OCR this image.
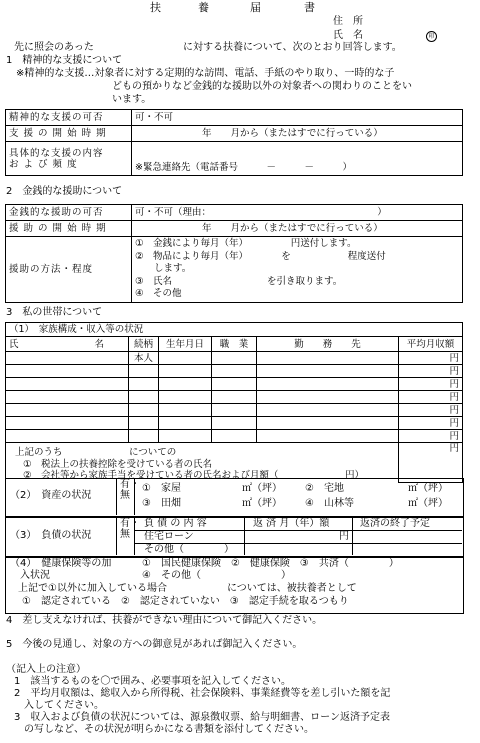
扶	養	届	書
住　所
氏　名	印
先に照会のあった	に対する扶養について、次のとおり回答します。
1　精神的な支援について
※精神的な支援…対象者に対する定期的な訪問、電話、手紙のやり取り、一時的な子
どもの預かりなど金銭的な援助以外の対象者への関わりのことをい
います。
精神的な支援の可否	可・不可
支 援 の 開 始 時 期	年　　月から（またはすでに行っている）

具体的な支援の内容
お よ び 頻 度	※緊急連絡先（電話番号　　　－　　　－　　　）
2　金銭的な援助について
金銭的な援助の可否	可・不可（理由：　　　　　　　　　　　　　　　　　　）
援 助 の 開 始 時 期	年　　月から（またはすでに行っている）
援助の方法・程度	①　金銭により毎月（年）　　　　　円送付します。
②　物品により毎月（年）　　　　を　　　　　　程度送付
　　します。
③　氏名　　　　　　　　　　を引き取ります。
④　その他
3　私の世帯について
（1）　家族構成・収入等の状況					
氏　　　　　　　　名	続柄	生年月日	職　業	勤　　務　　先	平均月収額
	本人				円
					円
					円
					円
					円
					円
					円

上記のうち　　　　　　　についての
①　税法上の扶養控除を受けている者の氏名
②　会社等から家族手当を受けている者の氏名および月額（　　　　　　　円）					円
（2）　資産の状況
有・無
①　家屋	㎡（坪） ②　宅地	㎡（坪）
③　田畑	㎡（坪） ④　山林等	㎡（坪）
（3）　負債の状況
有・無
負 債 の 内 容	返 済 月（年）額	返済の終了予定
住宅ローン	円
その他（　　　　）
（4）　健康保険等の加
　入状況
①　国民健康保険　②　健康保険　③　共済（　　　　）
④　その他（　　　　　　　　）
上記で①以外に加入している場合　　　　　　については、被扶養者として
①　認定されている　②　認定されていない　③　認定手続を取るつもり
4　差し支えなければ、扶養ができない理由について御記入ください。
5　今後の見通し、対象の方への御意見があれば御記入ください。
（記入上の注意）
1　該当するものを〇で囲み、必要事項を記入してください。
2　平均月収額は、総収入から所得税、社会保険料、事業経費等を差し引いた額を記
　入してください。
3　収入および負債の状況については、源泉徴収票、給与明細書、ローン返済予定表
　の写しなど、その状況が明らかになる書類を添付してください。
